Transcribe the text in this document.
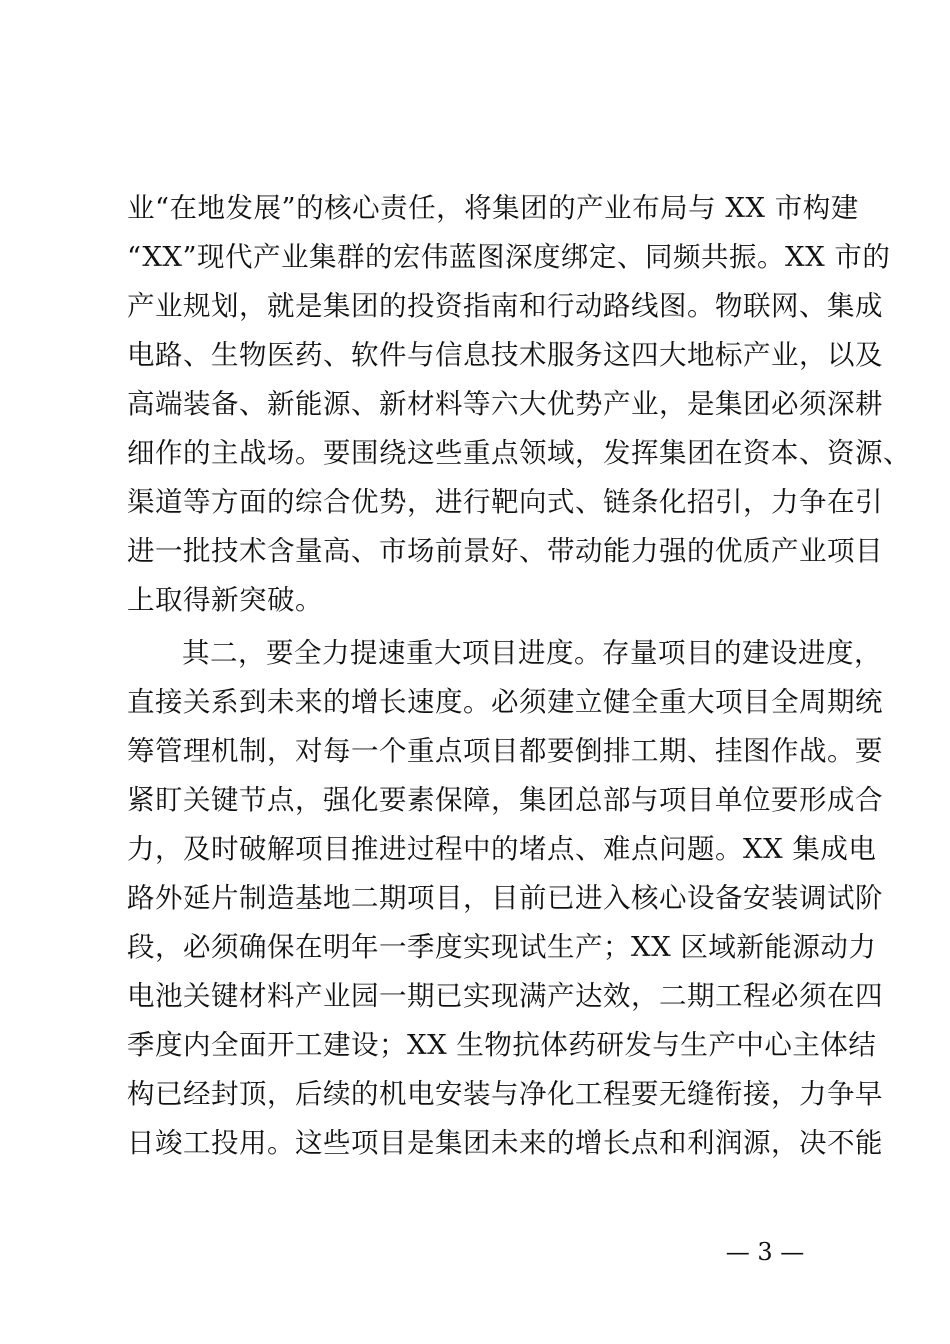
业“在地发展”的核心责任，将集团的产业布局与 XX 市构建
“XX”现代产业集群的宏伟蓝图深度绑定、同频共振。XX 市的
产业规划，就是集团的投资指南和行动路线图。物联网、集成
电路、生物医药、软件与信息技术服务这四大地标产业，以及
高端装备、新能源、新材料等六大优势产业，是集团必须深耕
细作的主战场。要围绕这些重点领域，发挥集团在资本、资源、
渠道等方面的综合优势，进行靶向式、链条化招引，力争在引
进一批技术含量高、市场前景好、带动能力强的优质产业项目
上取得新突破。
其二，要全力提速重大项目进度。存量项目的建设进度，
直接关系到未来的增长速度。必须建立健全重大项目全周期统
筹管理机制，对每一个重点项目都要倒排工期、挂图作战。要
紧盯关键节点，强化要素保障，集团总部与项目单位要形成合
力，及时破解项目推进过程中的堵点、难点问题。XX 集成电
路外延片制造基地二期项目，目前已进入核心设备安装调试阶
段，必须确保在明年一季度实现试生产；XX 区域新能源动力
电池关键材料产业园一期已实现满产达效，二期工程必须在四
季度内全面开工建设；XX 生物抗体药研发与生产中心主体结
构已经封顶，后续的机电安装与净化工程要无缝衔接，力争早
日竣工投用。这些项目是集团未来的增长点和利润源，决不能
— 3 —
